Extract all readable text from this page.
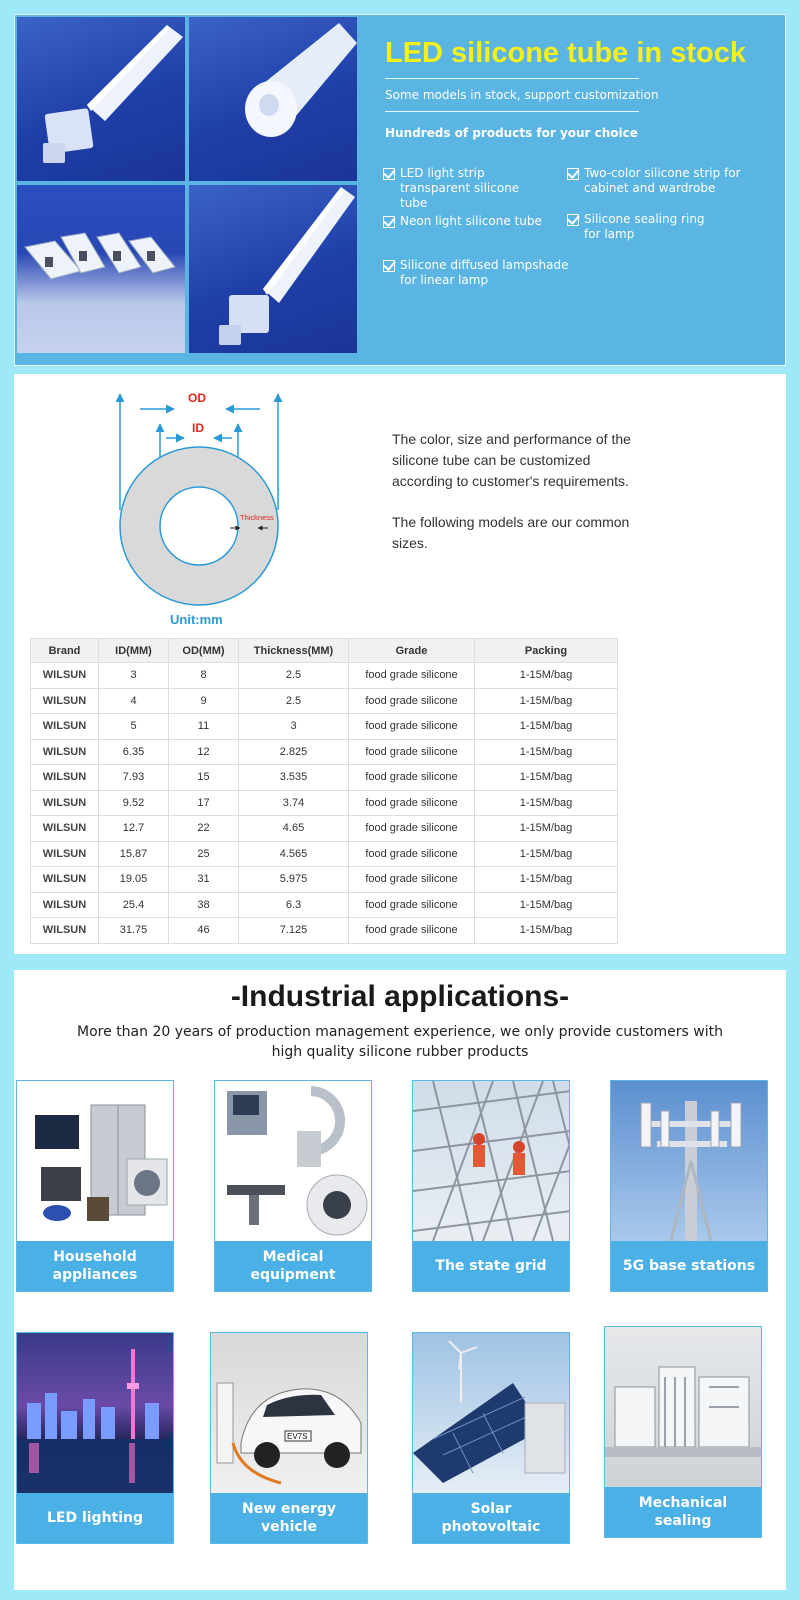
LED silicone tube in stock
Some models in stock, support customization
Hundreds of products for your choice
LED light strip transparent silicone tube
Two-color silicone strip for cabinet and wardrobe
Neon light silicone tube	Silicone sealing ring for lamp
Silicone diffused lampshade for linear lamp
OD
ID
Thickness
Unit:mm

The color, size and performance of the silicone tube can be customized according to customer's requirements.

The following models are our common sizes.

Brand	ID(MM)	OD(MM)	Thickness(MM)	Grade	Packing
WILSUN	3	8	2.5	food grade silicone	1-15M/bag
WILSUN	4	9	2.5	food grade silicone	1-15M/bag
WILSUN	5	11	3	food grade silicone	1-15M/bag
WILSUN	6.35	12	2.825	food grade silicone	1-15M/bag
WILSUN	7.93	15	3.535	food grade silicone	1-15M/bag
WILSUN	9.52	17	3.74	food grade silicone	1-15M/bag
WILSUN	12.7	22	4.65	food grade silicone	1-15M/bag
WILSUN	15.87	25	4.565	food grade silicone	1-15M/bag
WILSUN	19.05	31	5.975	food grade silicone	1-15M/bag
WILSUN	25.4	38	6.3	food grade silicone	1-15M/bag
WILSUN	31.75	46	7.125	food grade silicone	1-15M/bag
-Industrial applications-
More than 20 years of production management experience, we only provide customers with high quality silicone rubber products
Household appliances
Medical equipment
The state grid	5G base stations
LED lighting
EV7S
New energy vehicle
Solar photovoltaic
Mechanical sealing
